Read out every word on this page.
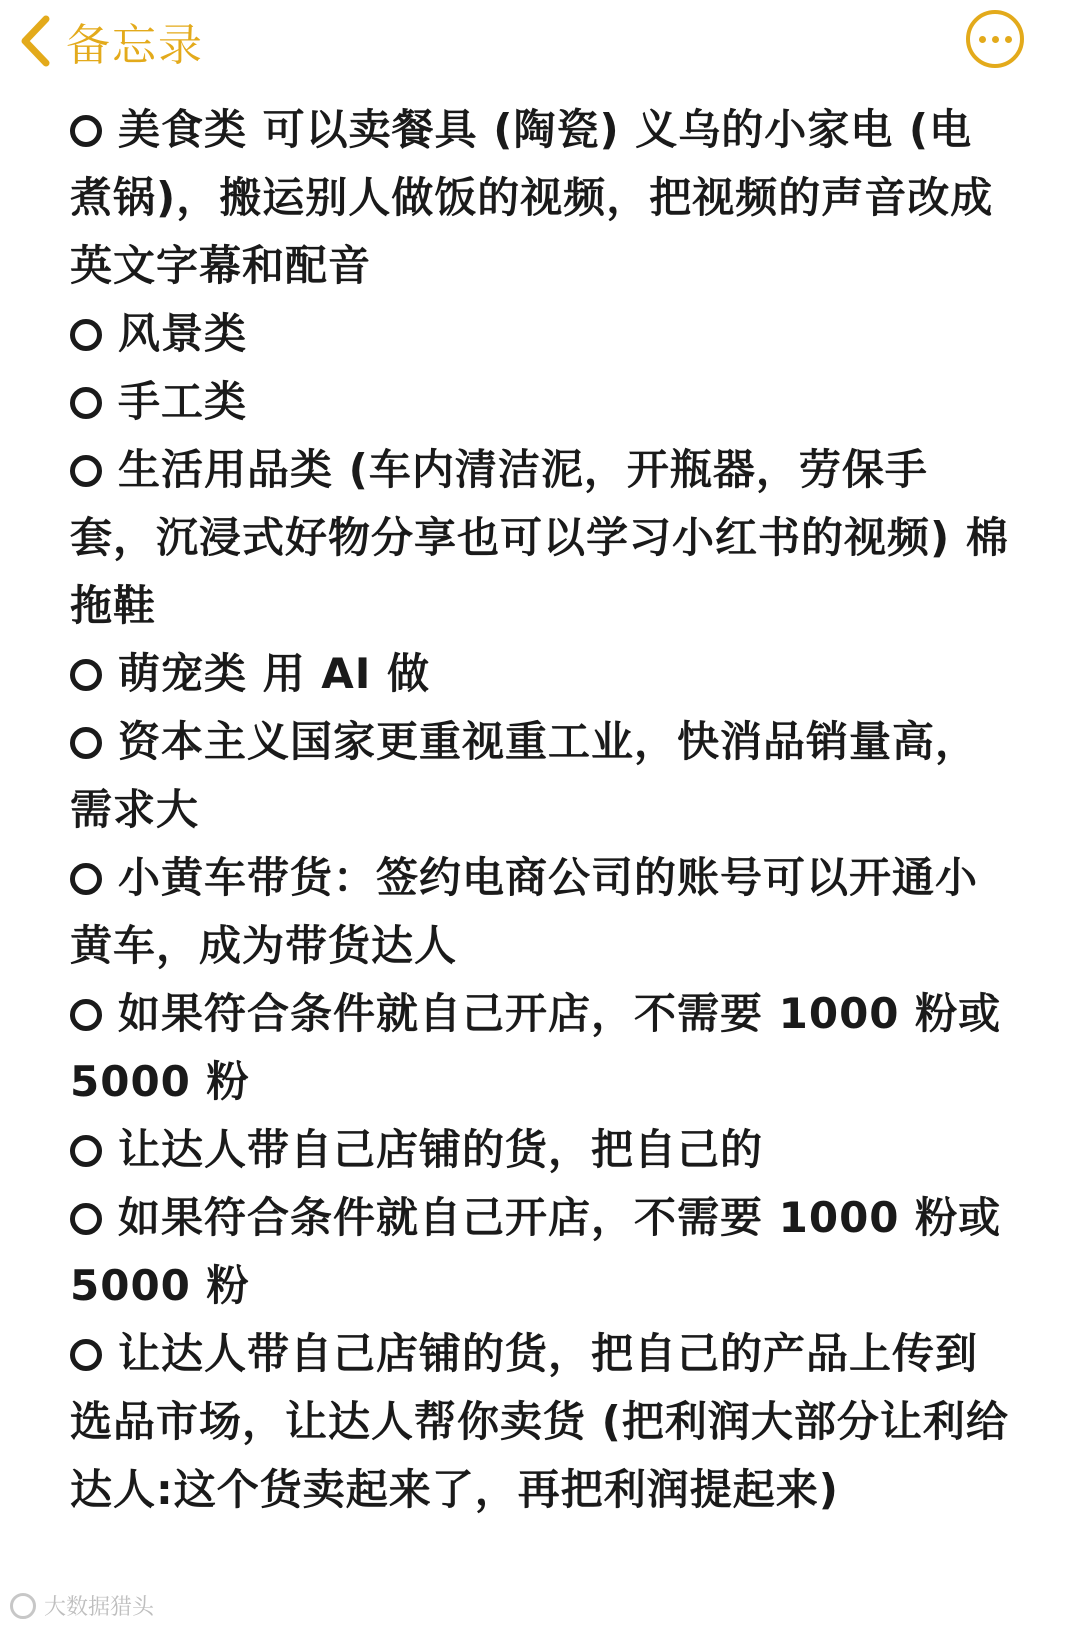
备忘录

美食类 可以卖餐具 (陶瓷) 义乌的小家电 (电煮锅)，搬运别人做饭的视频，把视频的声音改成英文字幕和配音

风景类

手工类

生活用品类 (车内清洁泥，开瓶器，劳保手套，沉浸式好物分享也可以学习小红书的视频) 棉拖鞋

萌宠类 用 AI 做

资本主义国家更重视重工业，快消品销量高，需求大

小黄车带货：签约电商公司的账号可以开通小黄车，成为带货达人

如果符合条件就自己开店，不需要 1000 粉或 5000 粉

让达人带自己店铺的货，把自己的

如果符合条件就自己开店，不需要 1000 粉或 5000 粉

让达人带自己店铺的货，把自己的产品上传到选品市场，让达人帮你卖货 (把利润大部分让利给达人:这个货卖起来了，再把利润提起来)

大数据猎头
